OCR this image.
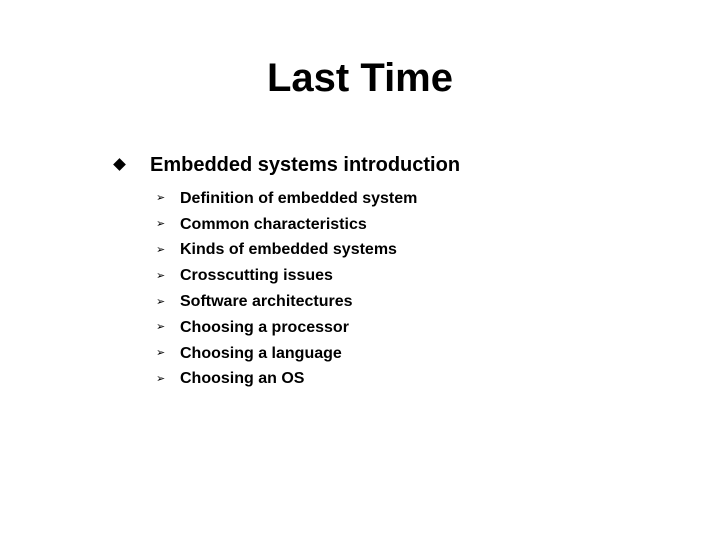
Last Time
Embedded systems introduction
➢ Definition of embedded system
➢ Common characteristics
➢ Kinds of embedded systems
➢ Crosscutting issues
➢ Software architectures
➢ Choosing a processor
➢ Choosing a language
➢ Choosing an OS
